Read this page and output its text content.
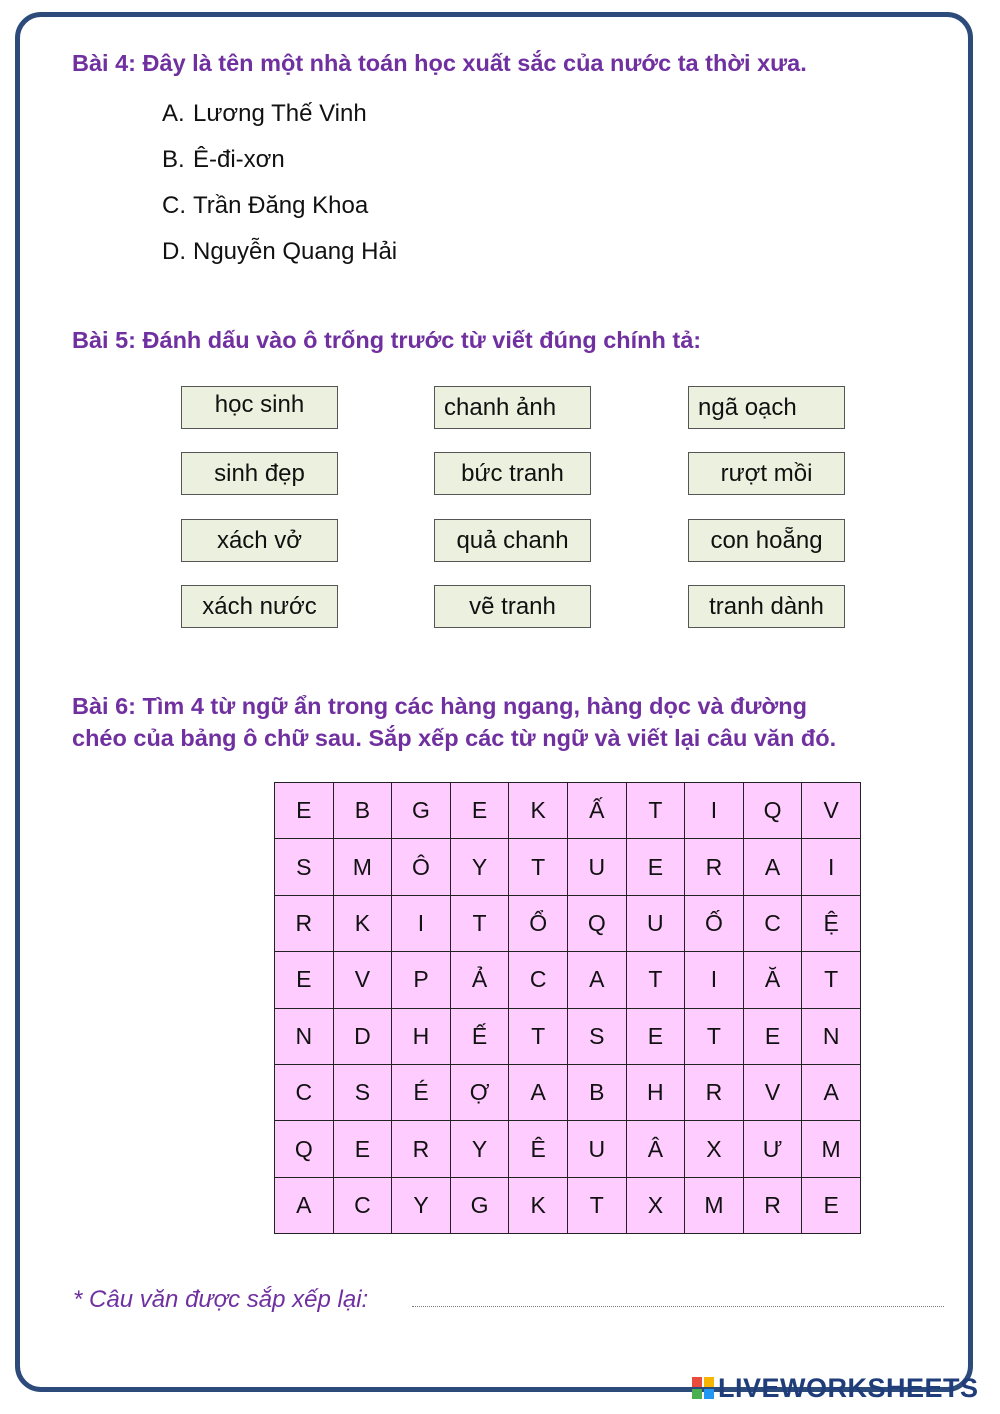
Bài 4: Đây là tên một nhà toán học xuất sắc của nước ta thời xưa.
A. Lương Thế Vinh
B. Ê-đi-xơn
C. Trần Đăng Khoa
D. Nguyễn Quang Hải
Bài 5: Đánh dấu vào ô trống trước từ viết đúng chính tả:
học sinh	chanh ảnh	ngã oạch
sinh đẹp	bức tranh	rượt mồi
xách vở	quả chanh	con hoẵng
xách nước	vẽ tranh	tranh dành
Bài 6: Tìm 4 từ ngữ ẩn trong các hàng ngang, hàng dọc và đường
chéo của bảng ô chữ sau. Sắp xếp các từ ngữ và viết lại câu văn đó.
E	B	G	E	K	Ấ	T	I	Q	V
S	M	Ô	Y	T	U	E	R	A	I
R	K	I	T	Ổ	Q	U	Ố	C	Ệ
E	V	P	Ả	C	A	T	I	Ă	T
N	D	H	Ế	T	S	E	T	E	N
C	S	É	Ợ	A	B	H	R	V	A
Q	E	R	Y	Ê	U	Â	X	Ư	M
A	C	Y	G	K	T	X	M	R	E
* Câu văn được sắp xếp lại:
LIVEWORKSHEETS
